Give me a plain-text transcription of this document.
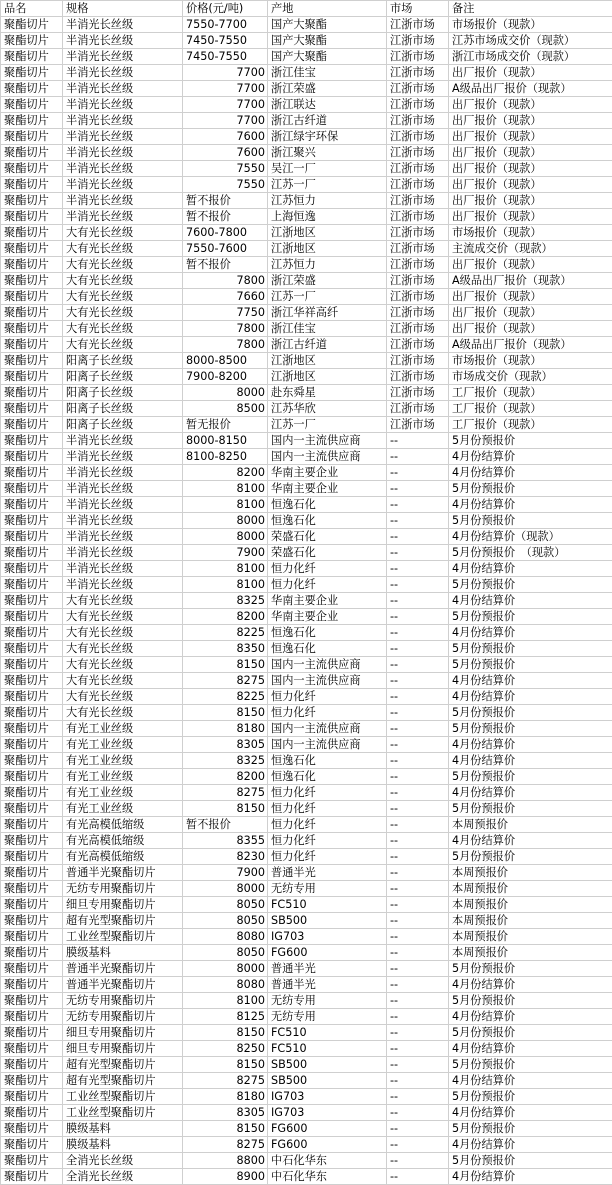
品名	规格	价格(元/吨)	产地	市场	备注
聚酯切片	半消光长丝级	7550-7700	国产大聚酯	江浙市场	市场报价（现款）
聚酯切片	半消光长丝级	7450-7550	国产大聚酯	江浙市场	江苏市场成交价（现款）
聚酯切片	半消光长丝级	7450-7550	国产大聚酯	江浙市场	浙江市场成交价（现款）
聚酯切片	半消光长丝级	7700	浙江佳宝	江浙市场	出厂报价（现款）
聚酯切片	半消光长丝级	7700	浙江荣盛	江浙市场	A级品出厂报价（现款）
聚酯切片	半消光长丝级	7700	浙江联达	江浙市场	出厂报价（现款）
聚酯切片	半消光长丝级	7700	浙江古纤道	江浙市场	出厂报价（现款）
聚酯切片	半消光长丝级	7600	浙江绿宇环保	江浙市场	出厂报价（现款）
聚酯切片	半消光长丝级	7600	浙江聚兴	江浙市场	出厂报价（现款）
聚酯切片	半消光长丝级	7550	吴江一厂	江浙市场	出厂报价（现款）
聚酯切片	半消光长丝级	7550	江苏一厂	江浙市场	出厂报价（现款）
聚酯切片	半消光长丝级	暂不报价	江苏恒力	江浙市场	出厂报价（现款）
聚酯切片	半消光长丝级	暂不报价	上海恒逸	江浙市场	出厂报价（现款）
聚酯切片	大有光长丝级	7600-7800	江浙地区	江浙市场	市场报价（现款）
聚酯切片	大有光长丝级	7550-7600	江浙地区	江浙市场	主流成交价（现款）
聚酯切片	大有光长丝级	暂不报价	江苏恒力	江浙市场	出厂报价（现款）
聚酯切片	大有光长丝级	7800	浙江荣盛	江浙市场	A级品出厂报价（现款）
聚酯切片	大有光长丝级	7660	江苏一厂	江浙市场	出厂报价（现款）
聚酯切片	大有光长丝级	7750	浙江华祥高纤	江浙市场	出厂报价（现款）
聚酯切片	大有光长丝级	7800	浙江佳宝	江浙市场	出厂报价（现款）
聚酯切片	大有光长丝级	7800	浙江古纤道	江浙市场	A级品出厂报价（现款）
聚酯切片	阳离子长丝级	8000-8500	江浙地区	江浙市场	市场报价（现款）
聚酯切片	阳离子长丝级	7900-8200	江浙地区	江浙市场	市场成交价（现款）
聚酯切片	阳离子长丝级	8000	赴东舜星	江浙市场	工厂报价（现款）
聚酯切片	阳离子长丝级	8500	江苏华欣	江浙市场	工厂报价（现款）
聚酯切片	阳离子长丝级	暂无报价	江苏一厂	江浙市场	工厂报价（现款）
聚酯切片	半消光长丝级	8000-8150	国内一主流供应商	--	5月份预报价
聚酯切片	半消光长丝级	8100-8250	国内一主流供应商	--	4月份结算价
聚酯切片	半消光长丝级	8200	华南主要企业	--	4月份结算价
聚酯切片	半消光长丝级	8100	华南主要企业	--	5月份预报价
聚酯切片	半消光长丝级	8100	恒逸石化	--	4月份结算价
聚酯切片	半消光长丝级	8000	恒逸石化	--	5月份预报价
聚酯切片	半消光长丝级	8000	荣盛石化	--	4月份结算价（现款）
聚酯切片	半消光长丝级	7900	荣盛石化	--	5月份预报价　（现款）
聚酯切片	半消光长丝级	8100	恒力化纤	--	4月份结算价
聚酯切片	半消光长丝级	8100	恒力化纤	--	5月份预报价
聚酯切片	大有光长丝级	8325	华南主要企业	--	4月份结算价
聚酯切片	大有光长丝级	8200	华南主要企业	--	5月份预报价
聚酯切片	大有光长丝级	8225	恒逸石化	--	4月份结算价
聚酯切片	大有光长丝级	8350	恒逸石化	--	5月份预报价
聚酯切片	大有光长丝级	8150	国内一主流供应商	--	5月份预报价
聚酯切片	大有光长丝级	8275	国内一主流供应商	--	4月份结算价
聚酯切片	大有光长丝级	8225	恒力化纤	--	4月份结算价
聚酯切片	大有光长丝级	8150	恒力化纤	--	5月份预报价
聚酯切片	有光工业丝级	8180	国内一主流供应商	--	5月份预报价
聚酯切片	有光工业丝级	8305	国内一主流供应商	--	4月份结算价
聚酯切片	有光工业丝级	8325	恒逸石化	--	4月份结算价
聚酯切片	有光工业丝级	8200	恒逸石化	--	5月份预报价
聚酯切片	有光工业丝级	8275	恒力化纤	--	4月份结算价
聚酯切片	有光工业丝级	8150	恒力化纤	--	5月份预报价
聚酯切片	有光高模低缩级	暂不报价	恒力化纤	--	本周预报价
聚酯切片	有光高模低缩级	8355	恒力化纤	--	4月份结算价
聚酯切片	有光高模低缩级	8230	恒力化纤	--	5月份预报价
聚酯切片	普通半光聚酯切片	7900	普通半光	--	本周预报价
聚酯切片	无纺专用聚酯切片	8000	无纺专用	--	本周预报价
聚酯切片	细旦专用聚酯切片	8050	FC510	--	本周预报价
聚酯切片	超有光型聚酯切片	8050	SB500	--	本周预报价
聚酯切片	工业丝型聚酯切片	8080	IG703	--	本周预报价
聚酯切片	膜级基料	8050	FG600	--	本周预报价
聚酯切片	普通半光聚酯切片	8000	普通半光	--	5月份预报价
聚酯切片	普通半光聚酯切片	8080	普通半光	--	4月份结算价
聚酯切片	无纺专用聚酯切片	8100	无纺专用	--	5月份预报价
聚酯切片	无纺专用聚酯切片	8125	无纺专用	--	4月份结算价
聚酯切片	细旦专用聚酯切片	8150	FC510	--	5月份预报价
聚酯切片	细旦专用聚酯切片	8250	FC510	--	4月份结算价
聚酯切片	超有光型聚酯切片	8150	SB500	--	5月份预报价
聚酯切片	超有光型聚酯切片	8275	SB500	--	4月份结算价
聚酯切片	工业丝型聚酯切片	8180	IG703	--	5月份预报价
聚酯切片	工业丝型聚酯切片	8305	IG703	--	4月份结算价
聚酯切片	膜级基料	8150	FG600	--	5月份预报价
聚酯切片	膜级基料	8275	FG600	--	4月份结算价
聚酯切片	全消光长丝级	8800	中石化华东	--	5月份预报价
聚酯切片	全消光长丝级	8900	中石化华东	--	4月份结算价
